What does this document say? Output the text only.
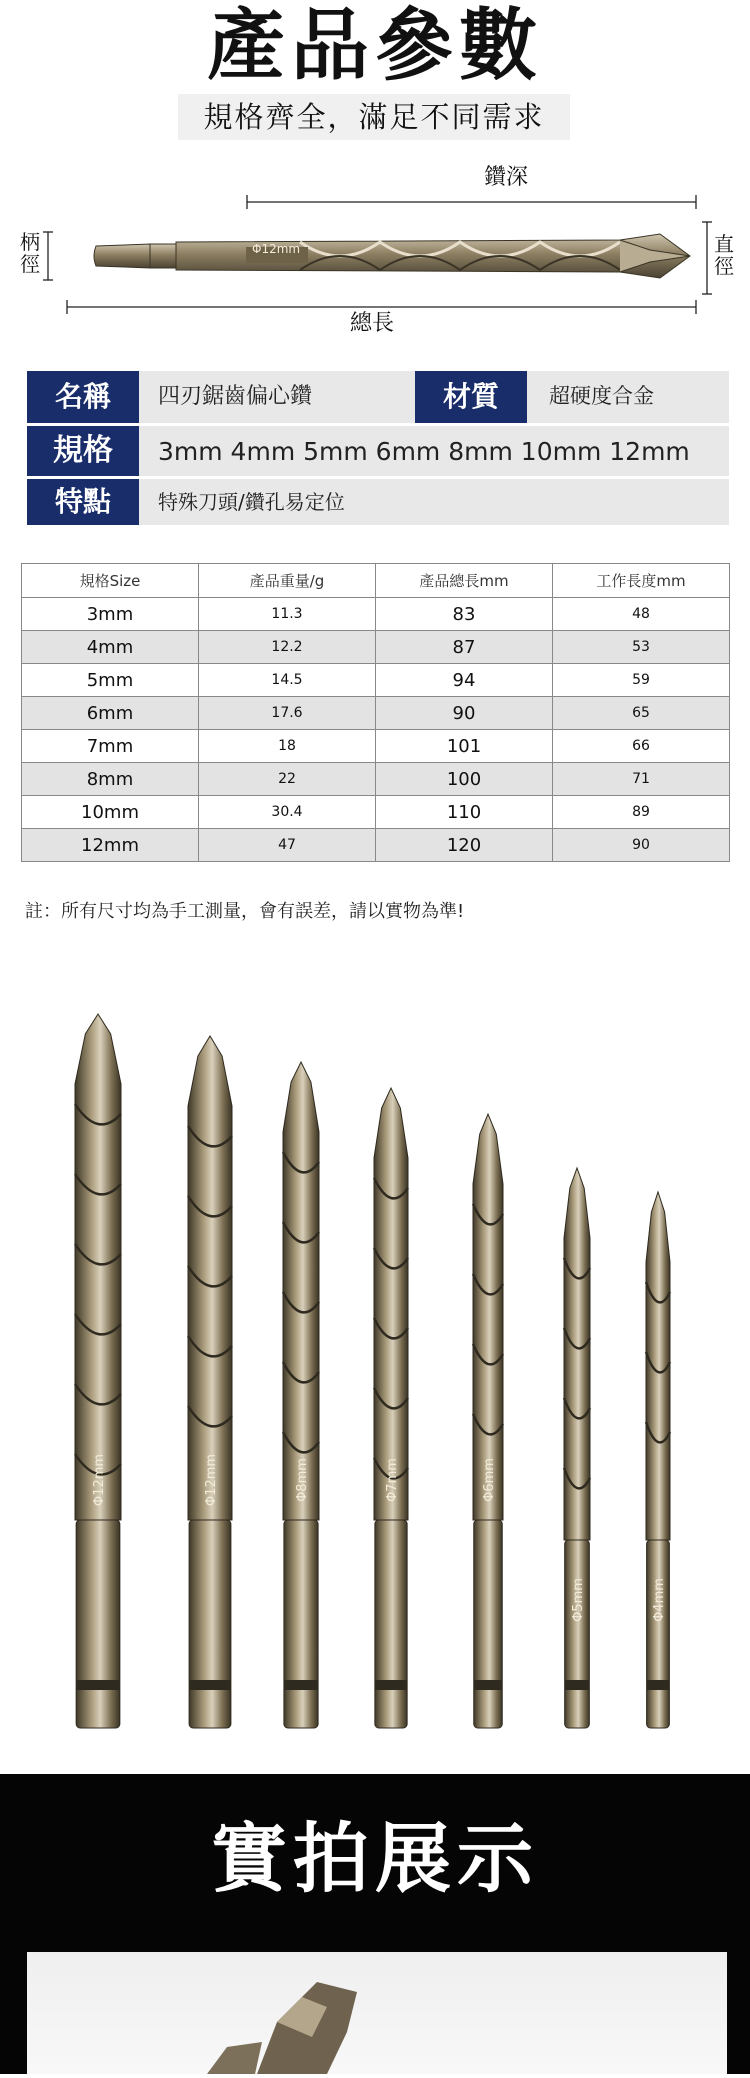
產品參數
規格齊全，滿足不同需求
鑽深
總長
柄徑
直徑
Φ12mm
名稱	四刃鋸齒偏心鑽	材質	超硬度合金
規格	3mm 4mm 5mm 6mm 8mm 10mm 12mm
特點	特殊刀頭/鑽孔易定位
規格Size	產品重量/g	產品總長mm	工作長度mm
3mm	11.3	83	48
4mm	12.2	87	53
5mm	14.5	94	59
6mm	17.6	90	65
7mm	18	101	66
8mm	22	100	71
10mm	30.4	110	89
12mm	47	120	90
註：所有尺寸均為手工測量，會有誤差，請以實物為準!
Φ12mm	Φ12mm	Φ8mm	Φ7mm	Φ6mm
Φ5mm	Φ4mm
實拍展示
